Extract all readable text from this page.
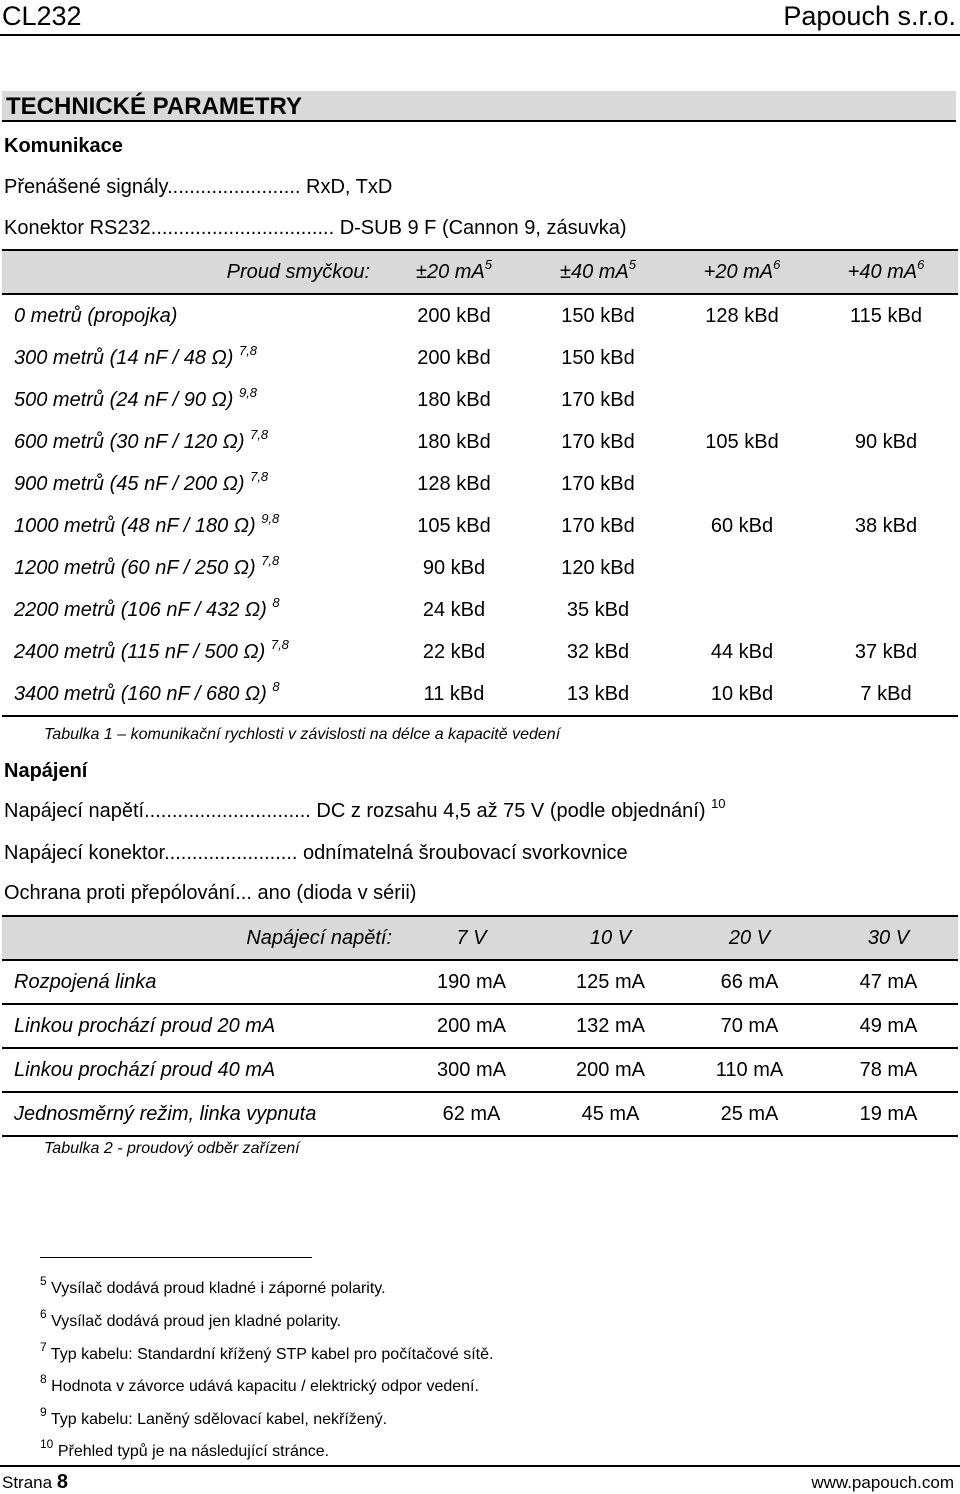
CL232	Papouch s.r.o.
TECHNICKÉ PARAMETRY
Komunikace
Přenášené signály........................ RxD, TxD
Konektor RS232................................. D-SUB 9 F (Cannon 9, zásuvka)
Proud smyčkou:	±20 $mA^5$	±40 $mA^5$	+20 $mA^6$	+40 $mA^6$
0 metrů (propojka)	200 kBd	150 kBd	128 kBd	115 kBd
300 metrů (14 nF / 48 Ω) $^{7,8}$	200 kBd	150 kBd		
500 metrů (24 nF / 90 Ω) $^{9,8}$	180 kBd	170 kBd		
600 metrů (30 nF / 120 Ω) $^{7,8}$	180 kBd	170 kBd	105 kBd	90 kBd
900 metrů (45 nF / 200 Ω) $^{7,8}$	128 kBd	170 kBd		
1000 metrů (48 nF / 180 Ω) $^{9,8}$	105 kBd	170 kBd	60 kBd	38 kBd
1200 metrů (60 nF / 250 Ω) $^{7,8}$	90 kBd	120 kBd		
2200 metrů (106 nF / 432 Ω) $^8$	24 kBd	35 kBd		
2400 metrů (115 nF / 500 Ω) $^{7,8}$	22 kBd	32 kBd	44 kBd	37 kBd
3400 metrů (160 nF / 680 Ω) $^8$	11 kBd	13 kBd	10 kBd	7 kBd
Tabulka 1 – komunikační rychlosti v závislosti na délce a kapacitě vedení
Napájení
Napájecí napětí.............................. DC z rozsahu 4,5 až 75 V (podle objednání) $^{10}$
Napájecí konektor........................ odnímatelná šroubovací svorkovnice
Ochrana proti přepólování... ano (dioda v sérii)
Napájecí napětí:	7 V	10 V	20 V	30 V
Rozpojená linka	190 mA	125 mA	66 mA	47 mA
Linkou prochází proud 20 mA	200 mA	132 mA	70 mA	49 mA
Linkou prochází proud 40 mA	300 mA	200 mA	110 mA	78 mA
Jednosměrný režim, linka vypnuta	62 mA	45 mA	25 mA	19 mA
Tabulka 2 - proudový odběr zařízení
$^5$ Vysílač dodává proud kladné i záporné polarity.
$^6$ Vysílač dodává proud jen kladné polarity.
$^7$ Typ kabelu: Standardní křížený STP kabel pro počítačové sítě.
$^8$ Hodnota v závorce udává kapacitu / elektrický odpor vedení.
$^9$ Typ kabelu: Laněný sdělovací kabel, nekřížený.
$^{10}$ Přehled typů je na následující stránce.
Strana 8	www.papouch.com
